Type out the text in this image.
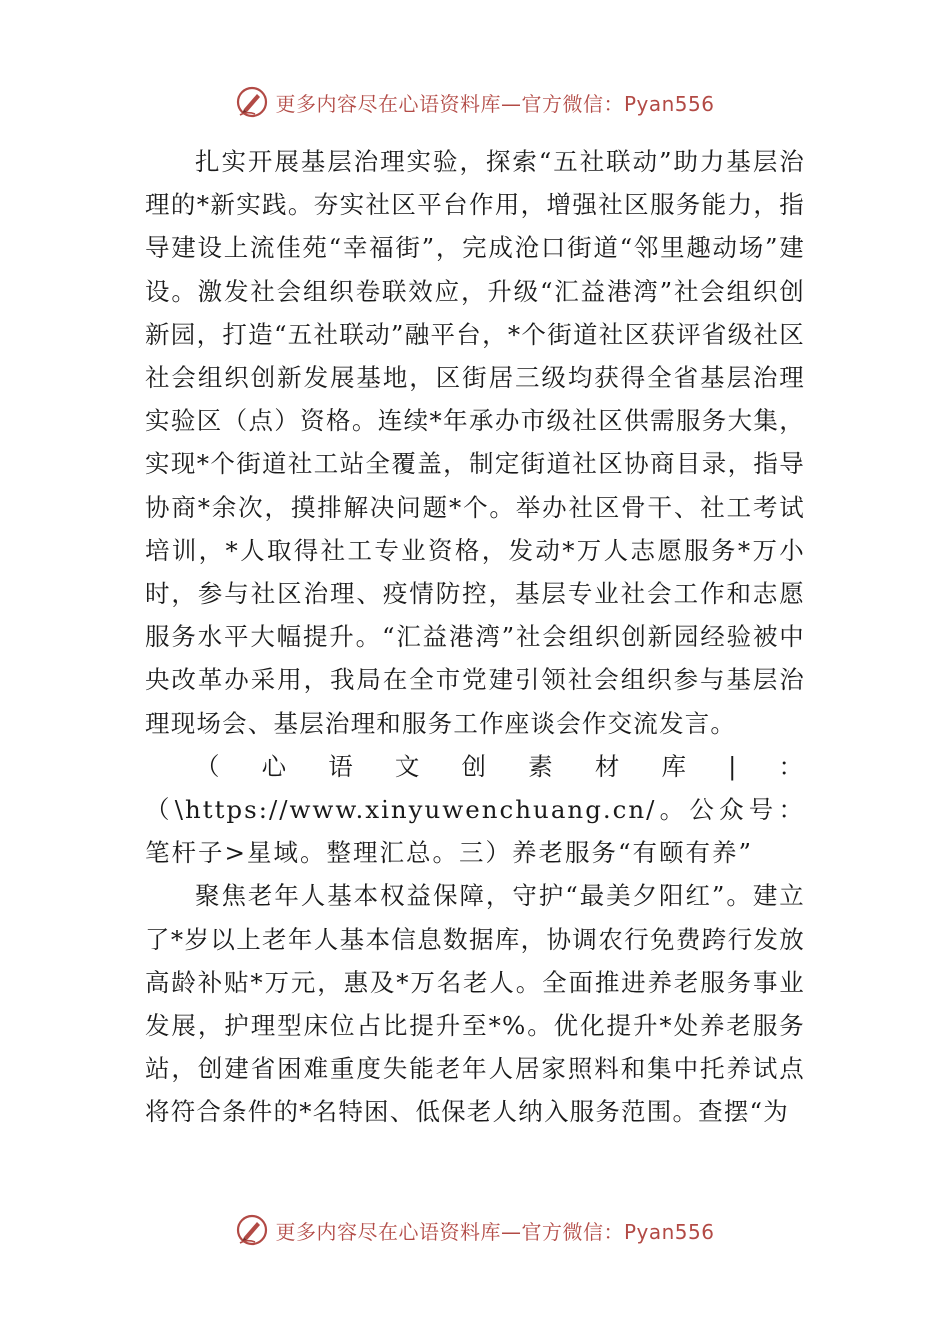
更多内容尽在心语资料库—官方微信：Pyan556

扎实开展基层治理实验，探索“五社联动”助力基层治理的*新实践。夯实社区平台作用，增强社区服务能力，指导建设上流佳苑“幸福街”，完成沧口街道“邻里趣动场”建设。激发社会组织卷联效应，升级“汇益港湾”社会组织创新园，打造“五社联动”融平台，*个街道社区获评省级社区社会组织创新发展基地，区街居三级均获得全省基层治理实验区（点）资格。连续*年承办市级社区供需服务大集，实现*个街道社工站全覆盖，制定街道社区协商目录，指导协商*余次，摸排解决问题*个。举办社区骨干、社工考试培训，*人取得社工专业资格，发动*万人志愿服务*万小时，参与社区治理、疫情防控，基层专业社会工作和志愿服务水平大幅提升。“汇益港湾”社会组织创新园经验被中央改革办采用，我局在全市党建引领社会组织参与基层治理现场会、基层治理和服务工作座谈会作交流发言。

（心语文创素材库|：（\https://www.xinyuwenchuang.cn/。公众号：笔杆子>星域。整理汇总。三）养老服务“有颐有养”

聚焦老年人基本权益保障，守护“最美夕阳红”。建立了*岁以上老年人基本信息数据库，协调农行免费跨行发放高龄补贴*万元，惠及*万名老人。全面推进养老服务事业发展，护理型床位占比提升至*%。优化提升*处养老服务站，创建省困难重度失能老年人居家照料和集中托养试点将符合条件的*名特困、低保老人纳入服务范围。查摆“为

更多内容尽在心语资料库—官方微信：Pyan556
